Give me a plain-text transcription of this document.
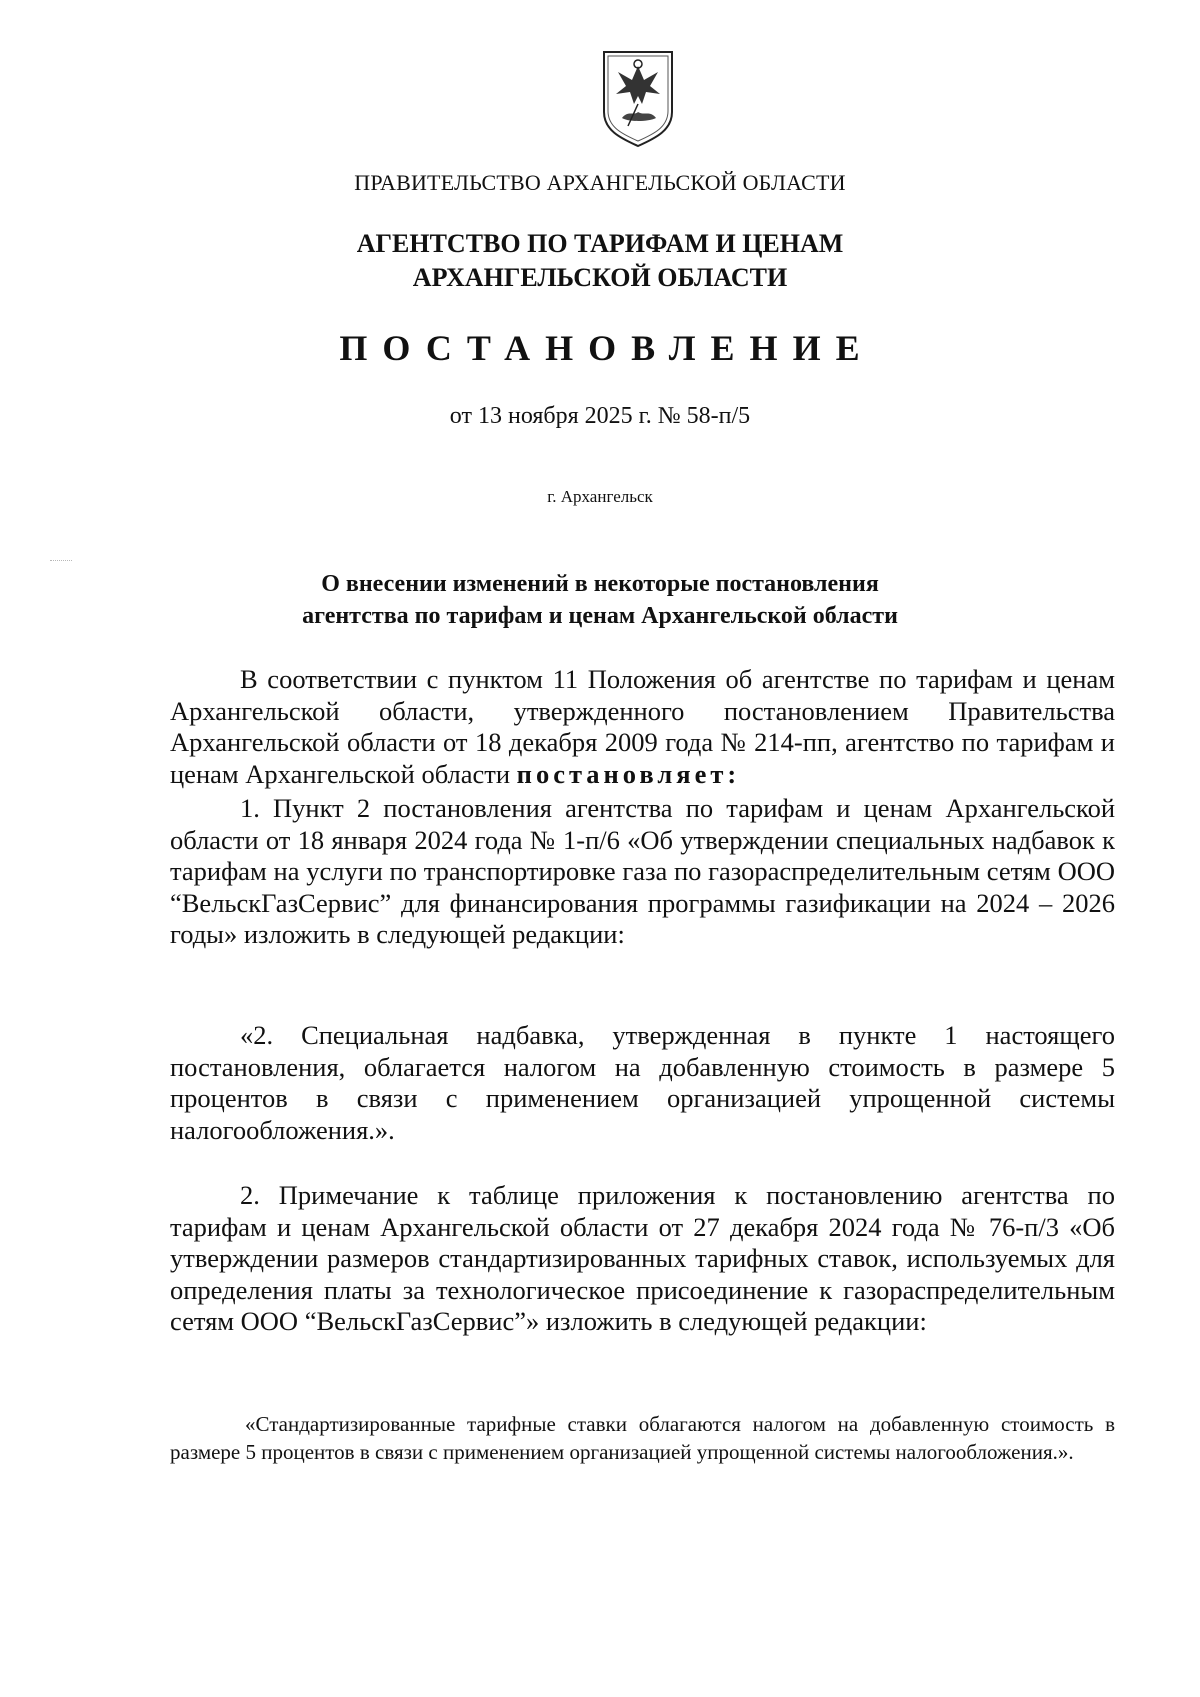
ПРАВИТЕЛЬСТВО АРХАНГЕЛЬСКОЙ ОБЛАСТИ
АГЕНТСТВО ПО ТАРИФАМ И ЦЕНАМ
АРХАНГЕЛЬСКОЙ ОБЛАСТИ
ПОСТАНОВЛЕНИЕ
от 13 ноября 2025 г. № 58-п/5
г. Архангельск
О внесении изменений в некоторые постановления
агентства по тарифам и ценам Архангельской области

В соответствии с пунктом 11 Положения об агентстве по тарифам и ценам Архангельской области, утвержденного постановлением Правительства Архангельской области от 18 декабря 2009 года № 214-пп, агентство по тарифам и ценам Архангельской области постановляет:

1. Пункт 2 постановления агентства по тарифам и ценам Архангельской области от 18 января 2024 года № 1-п/6 «Об утверждении специальных надбавок к тарифам на услуги по транспортировке газа по газораспределительным сетям ООО “ВельскГазСервис” для финансирования программы газификации на 2024 – 2026 годы» изложить в следующей редакции:

«2. Специальная надбавка, утвержденная в пункте 1 настоящего постановления, облагается налогом на добавленную стоимость в размере 5 процентов в связи с применением организацией упрощенной системы налогообложения.».

2. Примечание к таблице приложения к постановлению агентства по тарифам и ценам Архангельской области от 27 декабря 2024 года № 76-п/3 «Об утверждении размеров стандартизированных тарифных ставок, используемых для определения платы за технологическое присоединение к газораспределительным сетям ООО “ВельскГазСервис”» изложить в следующей редакции:

«Стандартизированные тарифные ставки облагаются налогом на добавленную стоимость в размере 5 процентов в связи с применением организацией упрощенной системы налогообложения.».
